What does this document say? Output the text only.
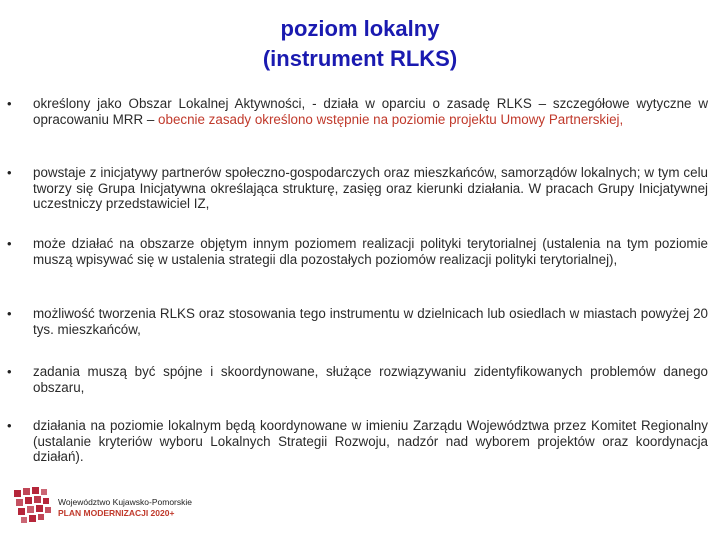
poziom lokalny
(instrument RLKS)
• określony jako Obszar Lokalnej Aktywności, - działa w oparciu o zasadę RLKS – szczegółowe wytyczne w opracowaniu MRR – obecnie zasady określono wstępnie na poziomie projektu Umowy Partnerskiej,
• powstaje z inicjatywy partnerów społeczno-gospodarczych oraz mieszkańców, samorządów lokalnych; w tym celu tworzy się Grupa Inicjatywna określająca strukturę, zasięg oraz kierunki działania. W pracach Grupy Inicjatywnej uczestniczy przedstawiciel IZ,
• może działać na obszarze objętym innym poziomem realizacji polityki terytorialnej (ustalenia na tym poziomie muszą wpisywać się w ustalenia strategii dla pozostałych poziomów realizacji polityki terytorialnej),
• możliwość tworzenia RLKS oraz stosowania tego instrumentu w dzielnicach lub osiedlach w miastach powyżej 20 tys. mieszkańców,
• zadania muszą być spójne i skoordynowane, służące rozwiązywaniu zidentyfikowanych problemów danego obszaru,
• działania na poziomie lokalnym będą koordynowane w imieniu Zarządu Województwa przez Komitet Regionalny (ustalanie kryteriów wyboru Lokalnych Strategii Rozwoju, nadzór nad wyborem projektów oraz koordynacja działań).
Województwo Kujawsko-Pomorskie
PLAN MODERNIZACJI 2020+
